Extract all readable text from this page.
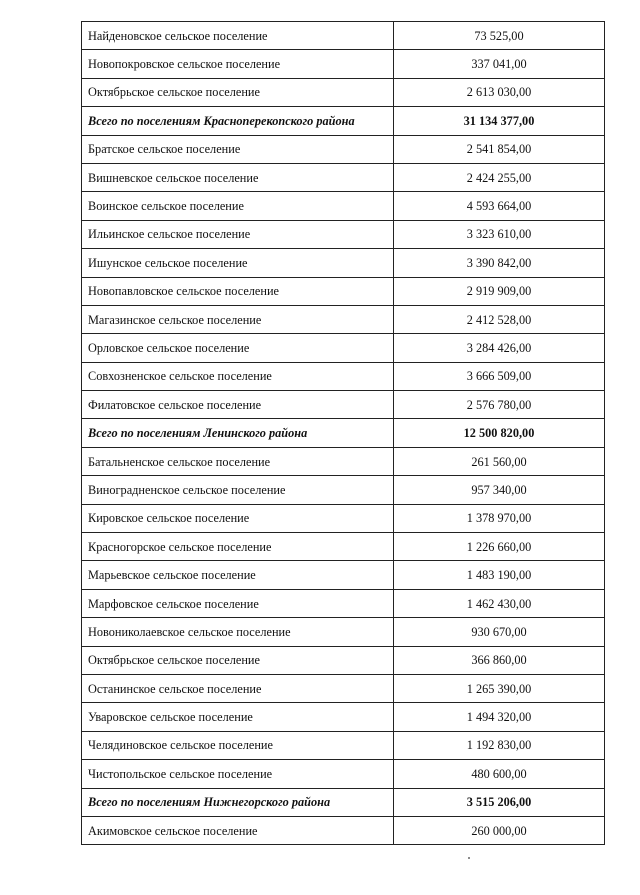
Найденовское сельское поселение	73 525,00
Новопокровское сельское поселение	337 041,00
Октябрьское сельское поселение	2 613 030,00
Всего по поселениям Красноперекопского района	31 134 377,00
Братское сельское поселение	2 541 854,00
Вишневское сельское поселение	2 424 255,00
Воинское сельское поселение	4 593 664,00
Ильинское сельское поселение	3 323 610,00
Ишунское сельское поселение	3 390 842,00
Новопавловское сельское поселение	2 919 909,00
Магазинское сельское поселение	2 412 528,00
Орловское сельское поселение	3 284 426,00
Совхозненское сельское поселение	3 666 509,00
Филатовское сельское поселение	2 576 780,00
Всего по поселениям Ленинского района	12 500 820,00
Батальненское сельское поселение	261 560,00
Виноградненское сельское поселение	957 340,00
Кировское сельское поселение	1 378 970,00
Красногорское сельское поселение	1 226 660,00
Марьевское сельское поселение	1 483 190,00
Марфовское сельское поселение	1 462 430,00
Новониколаевское сельское поселение	930 670,00
Октябрьское сельское поселение	366 860,00
Останинское сельское поселение	1 265 390,00
Уваровское сельское поселение	1 494 320,00
Челядиновское сельское поселение	1 192 830,00
Чистопольское сельское поселение	480 600,00
Всего по поселениям Нижнегорского района	3 515 206,00
Акимовское сельское поселение	260 000,00
